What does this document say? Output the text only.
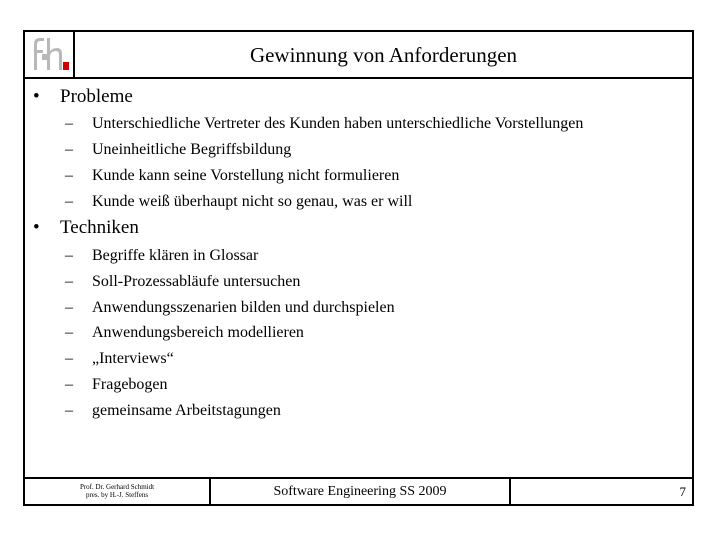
Gewinnung von Anforderungen
•	Probleme
– Unterschiedliche Vertreter des Kunden haben unterschiedliche Vorstellungen
– Uneinheitliche Begriffsbildung
– Kunde kann seine Vorstellung nicht formulieren
– Kunde weiß überhaupt nicht so genau, was er will
•	Techniken
– Begriffe klären in Glossar
– Soll-Prozessabläufe untersuchen
– Anwendungsszenarien bilden und durchspielen
– Anwendungsbereich modellieren
– „Interviews“
– Fragebogen
– gemeinsame Arbeitstagungen
Prof. Dr. Gerhard Schmidt
pres. by H.-J. Steffens	Software Engineering SS 2009	7
